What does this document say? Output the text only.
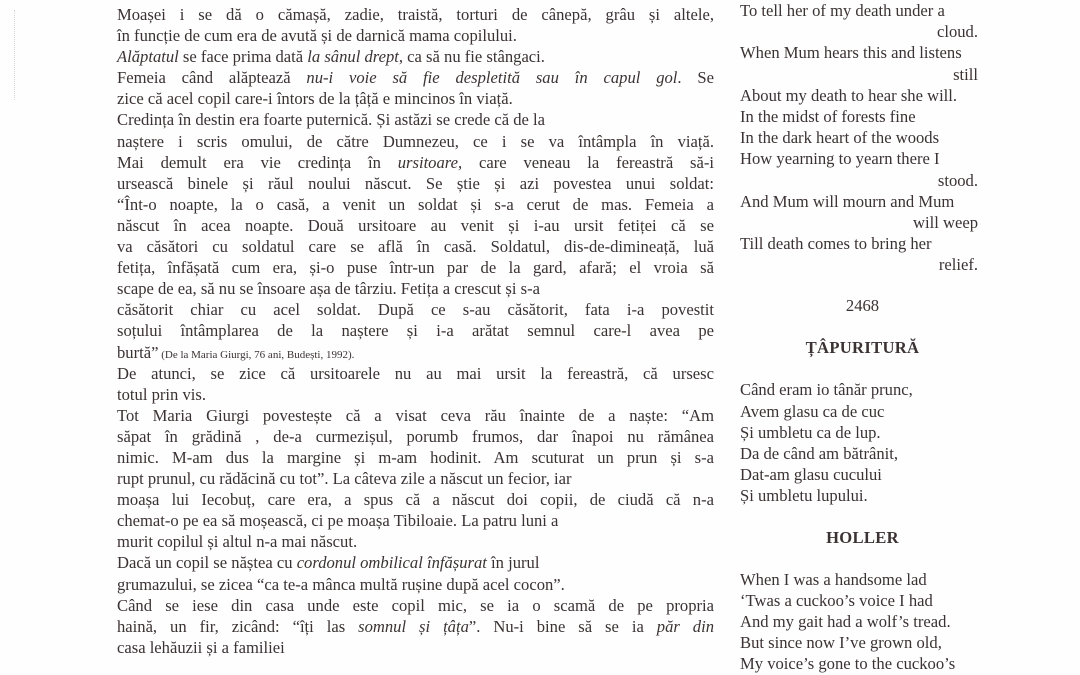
Moașei i se dă o cămașă, zadie, traistă, torturi de cânepă, grâu și altele,
în funcție de cum era de avută și de darnică mama copilului.
Alăptatul se face prima dată la sânul drept, ca să nu fie stângaci.
Femeia când alăptează nu-i voie să fie despletită sau în capul gol. Se
zice că acel copil care-i întors de la țâță e mincinos în viață.
Credința în destin era foarte puternică. Și astăzi se crede că de la
naștere i scris omului, de către Dumnezeu, ce i se va întâmpla în viață.
Mai demult era vie credința în ursitoare, care veneau la fereastră să-i
ursească binele și răul noului născut. Se știe și azi povestea unui soldat:
“Înt-o noapte, la o casă, a venit un soldat și s-a cerut de mas. Femeia a
născut în acea noapte. Două ursitoare au venit și i-au ursit fetiței că se
va căsători cu soldatul care se află în casă. Soldatul, dis-de-dimineață, luă
fetița, înfășată cum era, și-o puse într-un par de la gard, afară; el vroia să
scape de ea, să nu se însoare așa de târziu. Fetița a crescut și s-a
căsătorit chiar cu acel soldat. După ce s-au căsătorit, fata i-a povestit
soțului întâmplarea de la naștere și i-a arătat semnul care-l avea pe
burtă” (De la Maria Giurgi, 76 ani, Budești, 1992).
De atunci, se zice că ursitoarele nu au mai ursit la fereastră, că ursesc
totul prin vis.
Tot Maria Giurgi povestește că a visat ceva rău înainte de a naște: “Am
săpat în grădină , de-a curmezișul, porumb frumos, dar înapoi nu rămânea
nimic. M-am dus la margine și m-am hodinit. Am scuturat un prun și s-a
rupt prunul, cu rădăcină cu tot”. La câteva zile a născut un fecior, iar
moașa lui Iecobuț, care era, a spus că a născut doi copii, de ciudă că n-a
chemat-o pe ea să moșească, ci pe moașa Tibiloaie. La patru luni a
murit copilul și altul n-a mai născut.
Dacă un copil se năștea cu cordonul ombilical înfășurat în jurul
grumazului, se zicea “ca te-a mânca multă rușine după acel cocon”.
Când se iese din casa unde este copil mic, se ia o scamă de pe propria
haină, un fir, zicând: “îți las somnul și țâța”. Nu-i bine să se ia păr din
casa lehăuzii și a familiei
To tell her of my death under a
cloud.
When Mum hears this and listens
still
About my death to hear she will.
In the midst of forests fine
In the dark heart of the woods
How yearning to yearn there I
stood.
And Mum will mourn and Mum
will weep
Till death comes to bring her
relief.
2468
ȚÂPURITURĂ
Când eram io tânăr prunc,
Avem glasu ca de cuc
Și umbletu ca de lup.
Da de când am bătrânit,
Dat-am glasu cucului
Și umbletu lupului.
HOLLER
When I was a handsome lad
‘Twas a cuckoo’s voice I had
And my gait had a wolf’s tread.
But since now I’ve grown old,
My voice’s gone to the cuckoo’s
